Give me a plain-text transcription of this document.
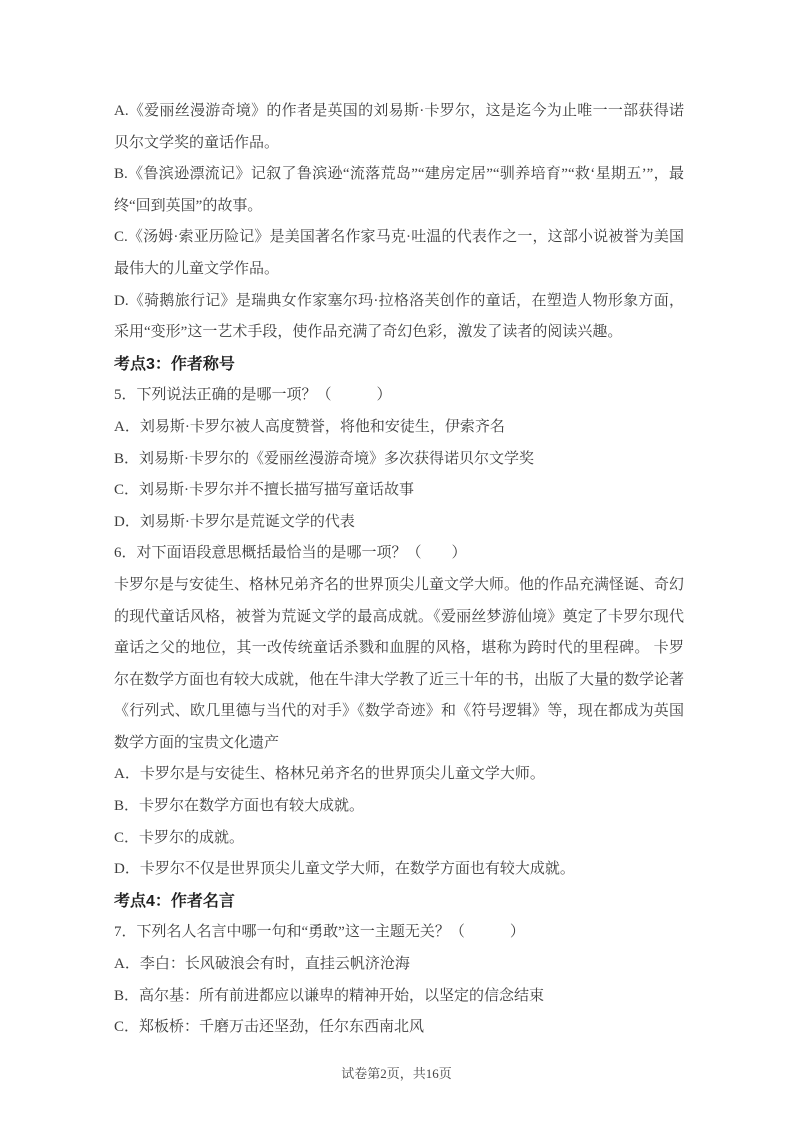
A.《爱丽丝漫游奇境》的作者是英国的刘易斯·卡罗尔，这是迄今为止唯一一部获得诺贝尔文学奖的童话作品。

B.《鲁滨逊漂流记》记叙了鲁滨逊“流落荒岛”“建房定居”“驯养培育”“救‘星期五’”，最终“回到英国”的故事。

C.《汤姆·索亚历险记》是美国著名作家马克·吐温的代表作之一，这部小说被誉为美国最伟大的儿童文学作品。

D.《骑鹅旅行记》是瑞典女作家塞尔玛·拉格洛芙创作的童话，在塑造人物形象方面，采用“变形”这一艺术手段，使作品充满了奇幻色彩，激发了读者的阅读兴趣。

考点3：作者称号

5．下列说法正确的是哪一项？（　　　）

A．刘易斯·卡罗尔被人高度赞誉，将他和安徒生，伊索齐名

B．刘易斯·卡罗尔的《爱丽丝漫游奇境》多次获得诺贝尔文学奖

C．刘易斯·卡罗尔并不擅长描写描写童话故事

D．刘易斯·卡罗尔是荒诞文学的代表

6．对下面语段意思概括最恰当的是哪一项？（　　）

卡罗尔是与安徒生、格林兄弟齐名的世界顶尖儿童文学大师。他的作品充满怪诞、奇幻的现代童话风格，被誉为荒诞文学的最高成就。《爱丽丝梦游仙境》奠定了卡罗尔现代童话之父的地位，其一改传统童话杀戮和血腥的风格，堪称为跨时代的里程碑。 卡罗尔在数学方面也有较大成就，他在牛津大学教了近三十年的书，出版了大量的数学论著《行列式、欧几里德与当代的对手》《数学奇迹》和《符号逻辑》等，现在都成为英国数学方面的宝贵文化遗产

A．卡罗尔是与安徒生、格林兄弟齐名的世界顶尖儿童文学大师。

B．卡罗尔在数学方面也有较大成就。

C．卡罗尔的成就。

D．卡罗尔不仅是世界顶尖儿童文学大师，在数学方面也有较大成就。

考点4：作者名言

7．下列名人名言中哪一句和“勇敢”这一主题无关？（　　　）

A．李白：长风破浪会有时，直挂云帆济沧海

B．高尔基：所有前进都应以谦卑的精神开始，以坚定的信念结束

C．郑板桥：千磨万击还坚劲，任尔东西南北风

试卷第2页，共16页
